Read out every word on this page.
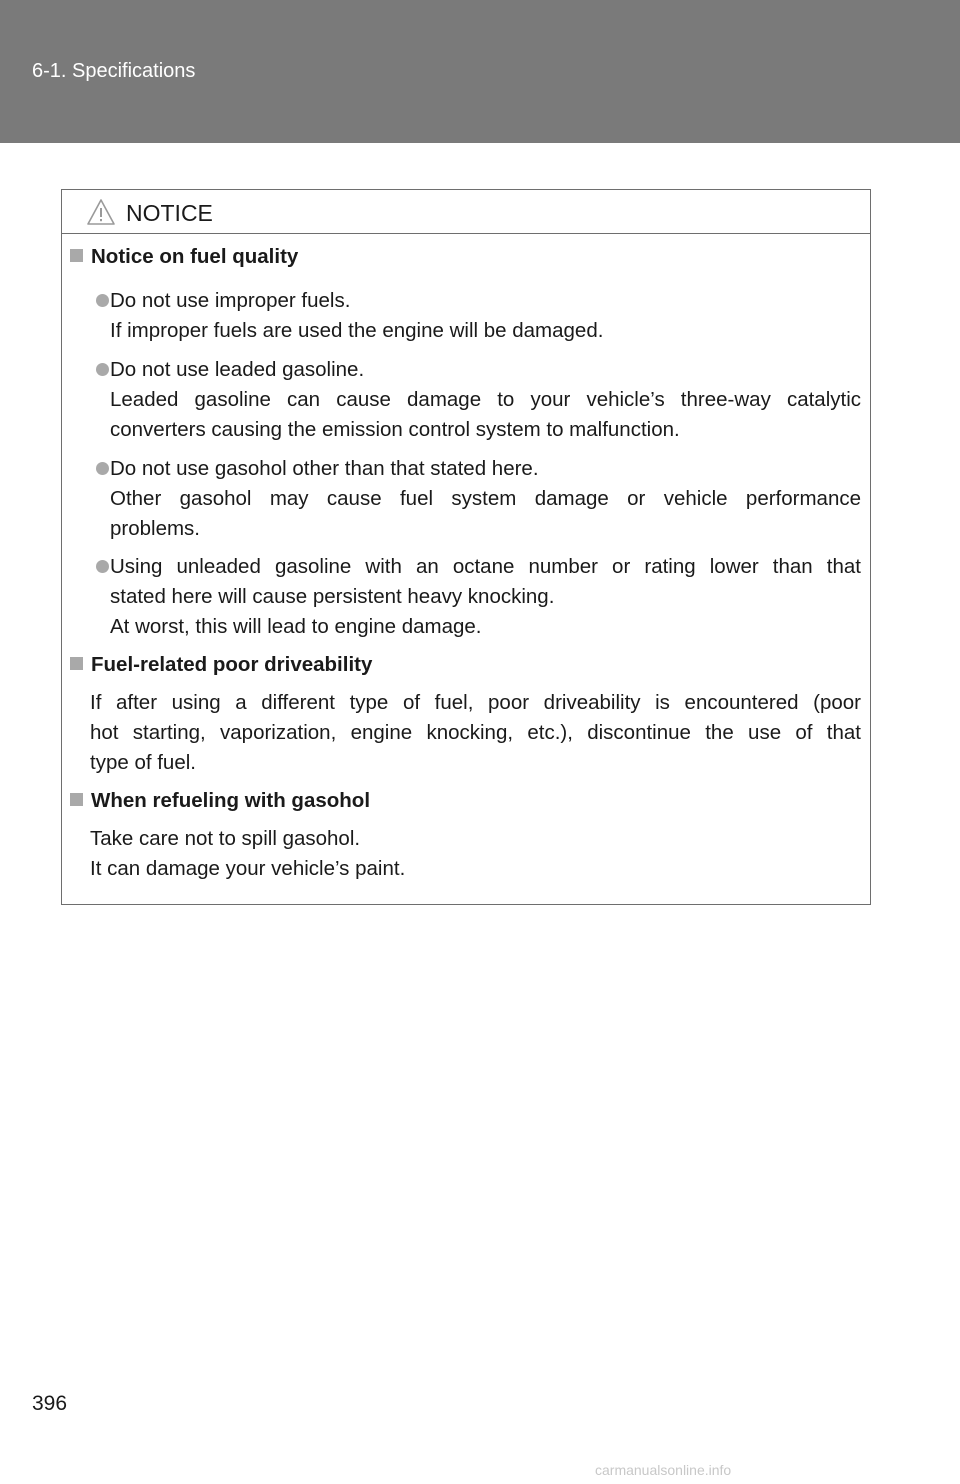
6-1. Specifications
NOTICE
Notice on fuel quality
Do not use improper fuels.
If improper fuels are used the engine will be damaged.
Do not use leaded gasoline.
Leaded gasoline can cause damage to your vehicle’s three-way catalytic
converters causing the emission control system to malfunction.
Do not use gasohol other than that stated here.
Other gasohol may cause fuel system damage or vehicle performance
problems.
Using unleaded gasoline with an octane number or rating lower than that
stated here will cause persistent heavy knocking.
At worst, this will lead to engine damage.
Fuel-related poor driveability
If after using a different type of fuel, poor driveability is encountered (poor
hot starting, vaporization, engine knocking, etc.), discontinue the use of that
type of fuel.
When refueling with gasohol
Take care not to spill gasohol.
It can damage your vehicle’s paint.
396
carmanualsonline.info
